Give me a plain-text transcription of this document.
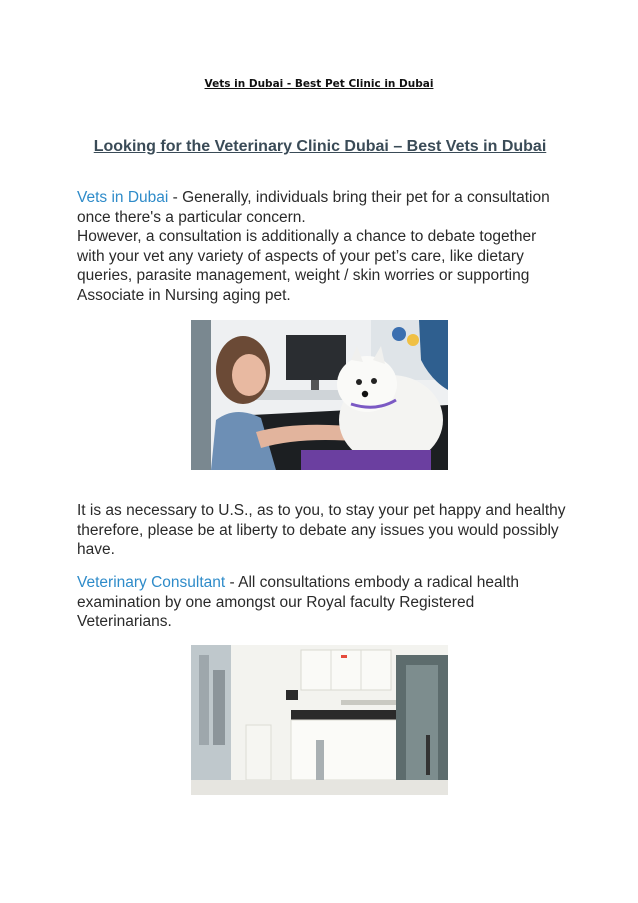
Vets in Dubai - Best Pet Clinic in Dubai
Looking for the Veterinary Clinic Dubai – Best Vets in Dubai
Vets in Dubai - Generally, individuals bring their pet for a consultation once there's a particular concern.
However, a consultation is additionally a chance to debate together with your vet any variety of aspects of your pet’s care, like dietary queries, parasite management, weight / skin worries or supporting Associate in Nursing aging pet.
It is as necessary to U.S., as to you, to stay your pet happy and healthy therefore, please be at liberty to debate any issues you would possibly have.
Veterinary Consultant - All consultations embody a radical health examination by one amongst our Royal faculty Registered Veterinarians.
